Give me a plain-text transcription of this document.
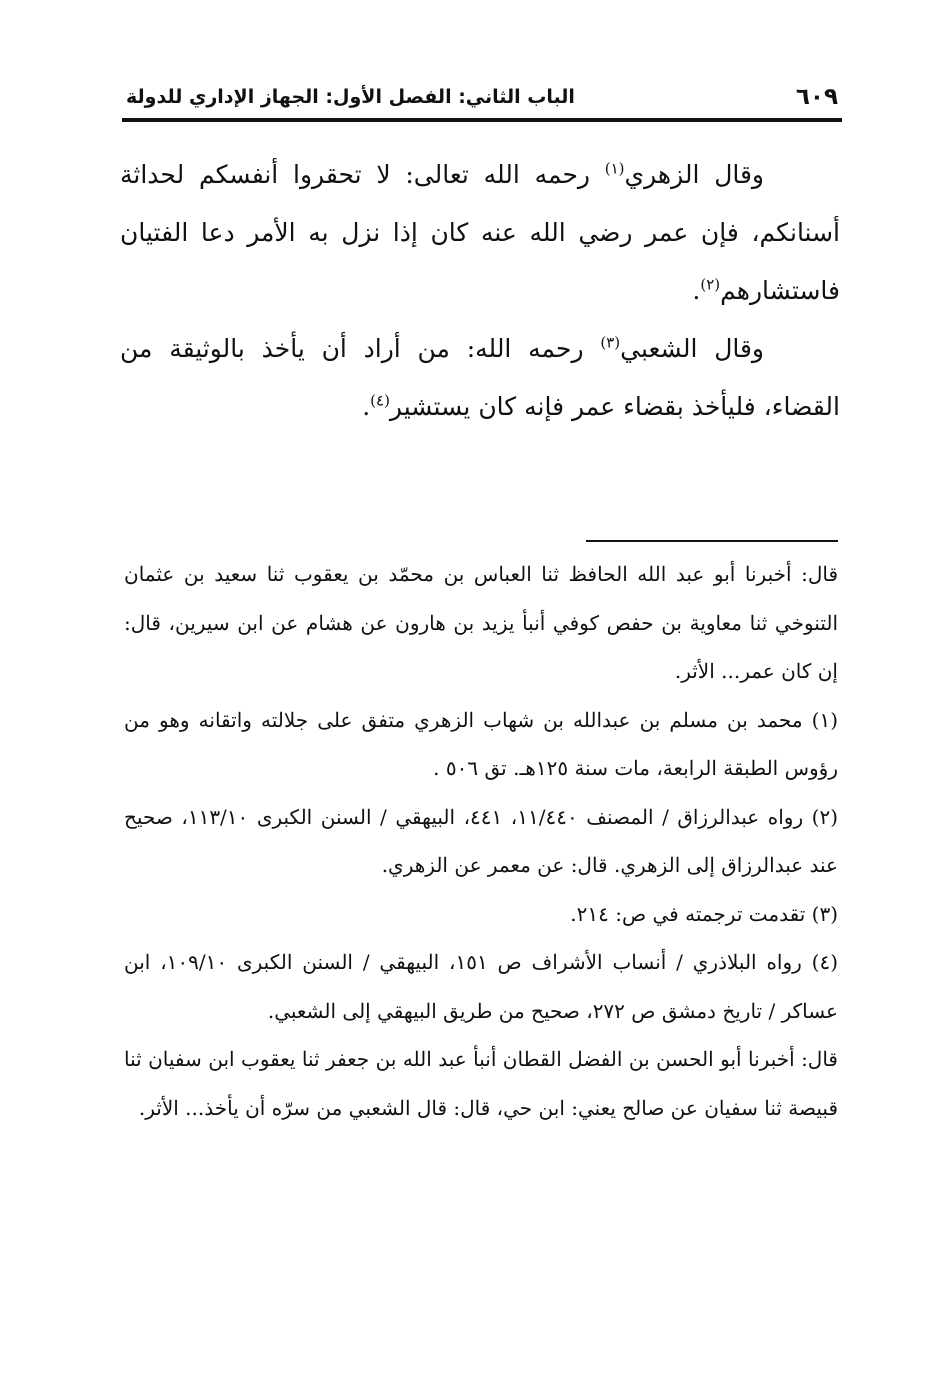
٦٠٩
الباب الثاني: الفصل الأول: الجهاز الإداري للدولة

وقال الزهري$^{(١)}$ رحمه الله تعالى: لا تحقروا أنفسكم لحداثة أسنانكم، فإن عمر رضي الله عنه كان إذا نزل به الأمر دعا الفتيان فاستشارهم$^{(٢)}$.

وقال الشعبي$^{(٣)}$ رحمه الله: من أراد أن يأخذ بالوثيقة من القضاء، فليأخذ بقضاء عمر فإنه كان يستشير$^{(٤)}$.

قال: أخبرنا أبو عبد الله الحافظ ثنا العباس بن محمّد بن يعقوب ثنا سعيد بن عثمان التنوخي ثنا معاوية بن حفص كوفي أنبأ يزيد بن هارون عن هشام عن ابن سيرين، قال: إن كان عمر... الأثر.

(١) محمد بن مسلم بن عبدالله بن شهاب الزهري متفق على جلالته واتقانه وهو من رؤوس الطبقة الرابعة، مات سنة ١٢٥هـ. تق ٥٠٦ .

(٢) رواه عبدالرزاق / المصنف ١١/٤٤٠، ٤٤١، البيهقي / السنن الكبرى ١١٣/١٠، صحيح عند عبدالرزاق إلى الزهري. قال: عن معمر عن الزهري.

(٣) تقدمت ترجمته في ص: ٢١٤.

(٤) رواه البلاذري / أنساب الأشراف ص ١٥١، البيهقي / السنن الكبرى ١٠٩/١٠، ابن عساكر / تاريخ دمشق ص ٢٧٢، صحيح من طريق البيهقي إلى الشعبي.

قال: أخبرنا أبو الحسن بن الفضل القطان أنبأ عبد الله بن جعفر ثنا يعقوب ابن سفيان ثنا قبيصة ثنا سفيان عن صالح يعني: ابن حي، قال: قال الشعبي من سرّه أن يأخذ... الأثر.
